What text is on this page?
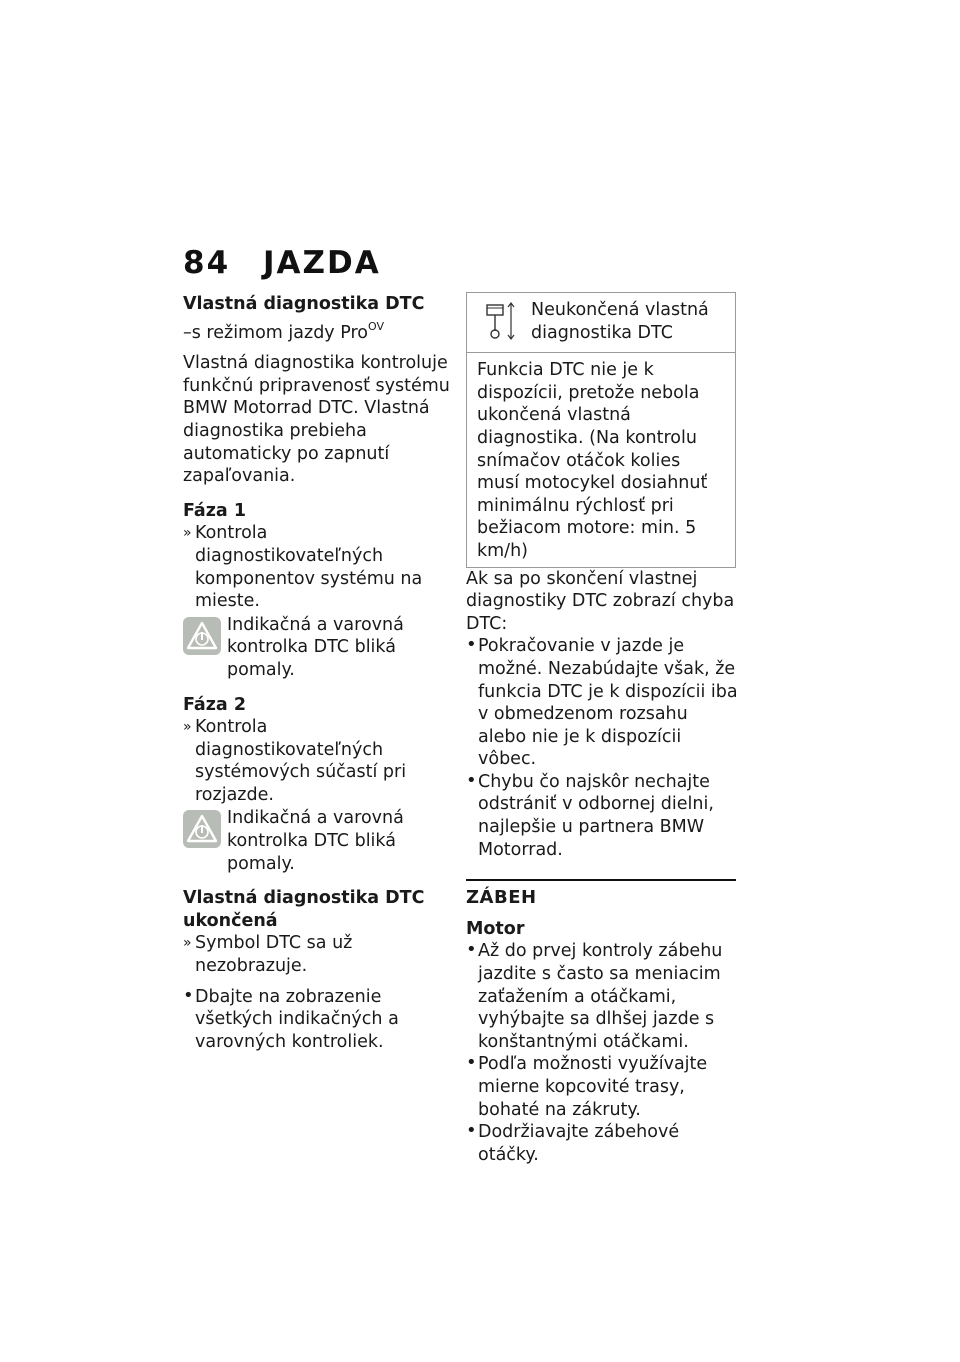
84 JAZDA

Vlastná diagnostika DTC

–s režimom jazdy Pro$^{OV}$

Vlastná diagnostika kontroluje funkčnú pripravenosť systému BMW Motorrad DTC. Vlastná diagnostika prebieha automaticky po zapnutí zapaľovania.

Fáza 1

» Kontrola diagnostikovateľných komponentov systému na mieste.
Indikačná a varovná kontrolka DTC bliká pomaly.

Fáza 2

» Kontrola diagnostikovateľných systémových súčastí pri rozjazde.
Indikačná a varovná kontrolka DTC bliká pomaly.

Vlastná diagnostika DTC ukončená

» Symbol DTC sa už nezobrazuje.
• Dbajte na zobrazenie všetkých indikačných a varovných kontroliek.
Neukončená vlastná diagnostika DTC
Funkcia DTC nie je k dispozícii, pretože nebola ukončená vlastná diagnostika. (Na kontrolu snímačov otáčok kolies musí motocykel dosiahnuť minimálnu rýchlosť pri bežiacom motore: min. 5 km/h)

Ak sa po skončení vlastnej diagnostiky DTC zobrazí chyba DTC:

• Pokračovanie v jazde je možné. Nezabúdajte však, že funkcia DTC je k dispozícii iba v obmedzenom rozsahu alebo nie je k dispozícii vôbec.
• Chybu čo najskôr nechajte odstrániť v odbornej dielni, najlepšie u partnera BMW Motorrad.

ZÁBEH

Motor

• Až do prvej kontroly zábehu jazdite s často sa meniacim zaťažením a otáčkami, vyhýbajte sa dlhšej jazde s konštantnými otáčkami.
• Podľa možnosti využívajte mierne kopcovité trasy, bohaté na zákruty.
• Dodržiavajte zábehové otáčky.
